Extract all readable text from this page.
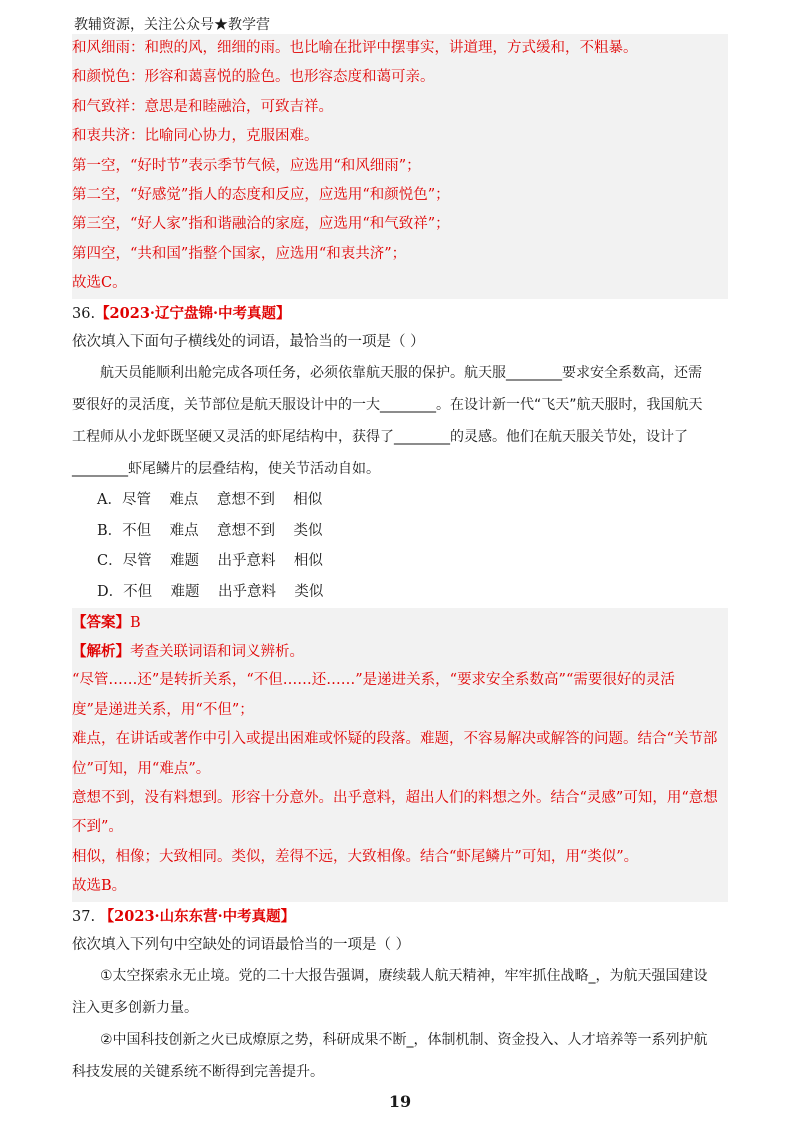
教辅资源，关注公众号★教学营
和风细雨：和煦的风，细细的雨。也比喻在批评中摆事实，讲道理，方式缓和，不粗暴。
和颜悦色：形容和蔼喜悦的脸色。也形容态度和蔼可亲。
和气致祥：意思是和睦融洽，可致吉祥。
和衷共济：比喻同心协力，克服困难。
第一空，“好时节”表示季节气候，应选用“和风细雨”；
第二空，“好感觉”指人的态度和反应，应选用“和颜悦色”；
第三空，“好人家”指和谐融洽的家庭，应选用“和气致祥”；
第四空，“共和国”指整个国家，应选用“和衷共济”；
故选C。
36.【2023·辽宁盘锦·中考真题】
依次填入下面句子横线处的词语，· · · 最恰当的一项是（ ）
航天员能顺利出舱完成各项任务，必须依靠航天服的保护。航天服________要求安全系数高，还需
要很好的灵活度，关节部位是航天服设计中的一大________。在设计新一代“飞天”航天服时，我国航天
工程师从小龙虾既坚硬又灵活的虾尾结构中，获得了________的灵感。他们在航天服关节处，设计了
________虾尾鳞片的层叠结构，使关节活动自如。
A．尽管    难点    意想不到    相似
B．不但    难点    意想不到    类似
C．尽管    难题    出乎意料    相似
D．不但    难题    出乎意料    类似
【答案】B
【解析】考查关联词语和词义辨析。
“尽管……还”是转折关系，“不但……还……”是递进关系，“要求安全系数高”“需要很好的灵活
度”是递进关系，用“不但”；
难点，在讲话或著作中引入或提出困难或怀疑的段落。难题，不容易解决或解答的问题。结合“关节部
位”可知，用“难点”。
意想不到，没有料想到。形容十分意外。出乎意料，超出人们的料想之外。结合“灵感”可知，用“意想
不到”。
相似，相像；大致相同。类似，差得不远，大致相像。结合“虾尾鳞片”可知，用“类似”。
故选B。
37. 【2023·山东东营·中考真题】
依次填入下列句中空缺处的词语最恰当的一项是（ ）
①太空探索永无止境。党的二十大报告强调，赓续载人航天精神，牢牢抓住战略_，为航天强国建设
注入更多创新力量。
②中国科技创新之火已成燎原之势，科研成果不断_，体制机制、资金投入、人才培养等一系列护航
科技发展的关键系统不断得到完善提升。
19
